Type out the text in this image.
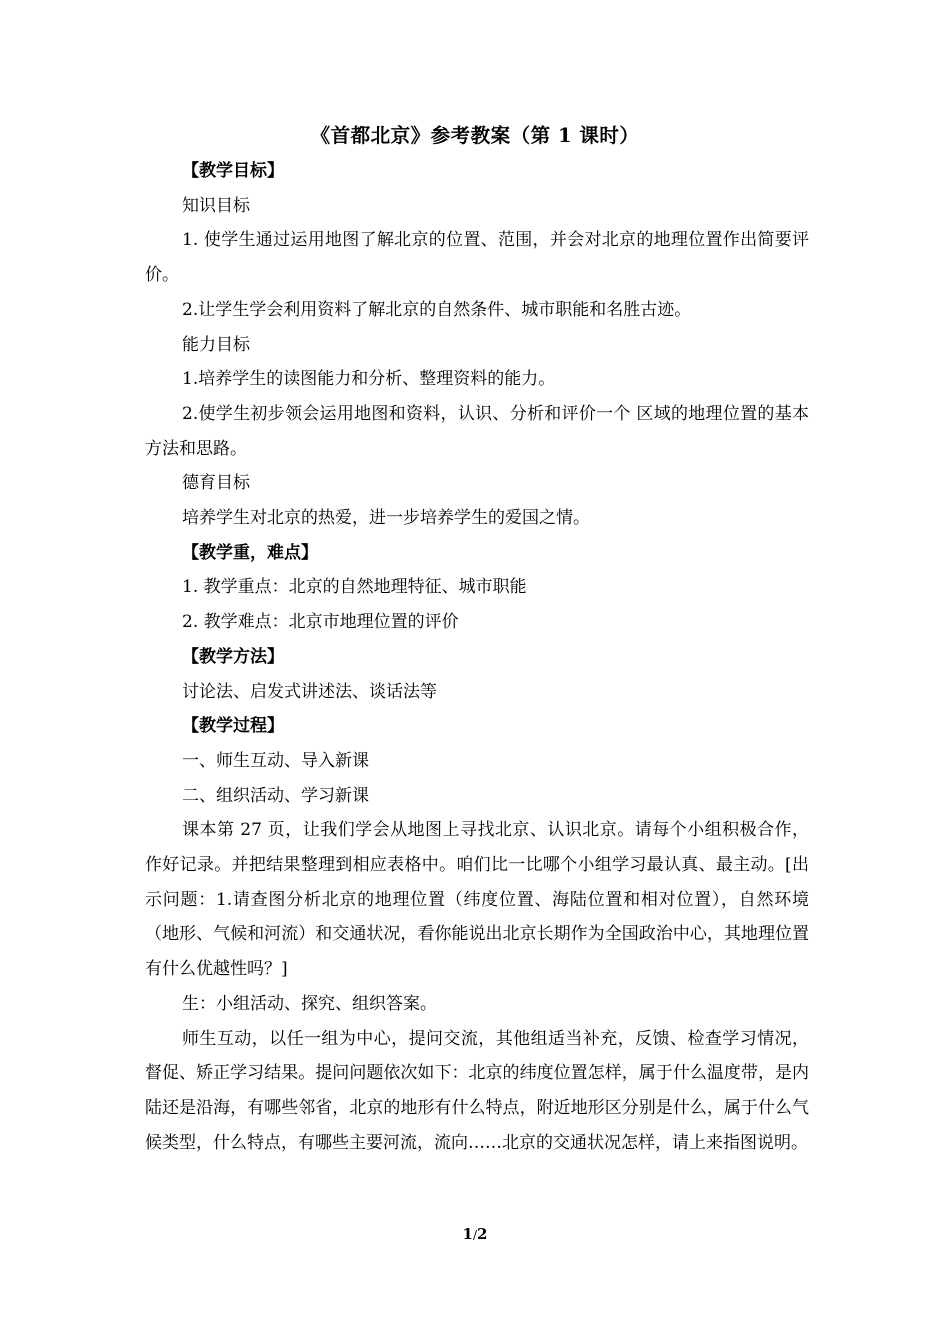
《首都北京》参考教案（第 1 课时）

【教学目标】

知识目标

1. 使学生通过运用地图了解北京的位置、范围，并会对北京的地理位置作出简要评价。

2.让学生学会利用资料了解北京的自然条件、城市职能和名胜古迹。

能力目标

1.培养学生的读图能力和分析、整理资料的能力。

2.使学生初步领会运用地图和资料，认识、分析和评价一个 区域的地理位置的基本方法和思路。

德育目标

培养学生对北京的热爱，进一步培养学生的爱国之情。

【教学重，难点】

1. 教学重点：北京的自然地理特征、城市职能

2. 教学难点：北京市地理位置的评价

【教学方法】

讨论法、启发式讲述法、谈话法等

【教学过程】

一、师生互动、导入新课

二、组织活动、学习新课

课本第 27 页，让我们学会从地图上寻找北京、认识北京。请每个小组积极合作，作好记录。并把结果整理到相应表格中。咱们比一比哪个小组学习最认真、最主动。[出示问题：1.请查图分析北京的地理位置（纬度位置、海陆位置和相对位置），自然环境 （地形、气候和河流）和交通状况，看你能说出北京长期作为全国政治中心，其地理位置有什么优越性吗？]

生：小组活动、探究、组织答案。

师生互动，以任一组为中心，提问交流，其他组适当补充，反馈、检查学习情况，督促、矫正学习结果。提问问题依次如下：北京的纬度位置怎样，属于什么温度带，是内陆还是沿海，有哪些邻省，北京的地形有什么特点，附近地形区分别是什么，属于什么气候类型，什么特点，有哪些主要河流，流向……北京的交通状况怎样，请上来指图说明。

1/2
